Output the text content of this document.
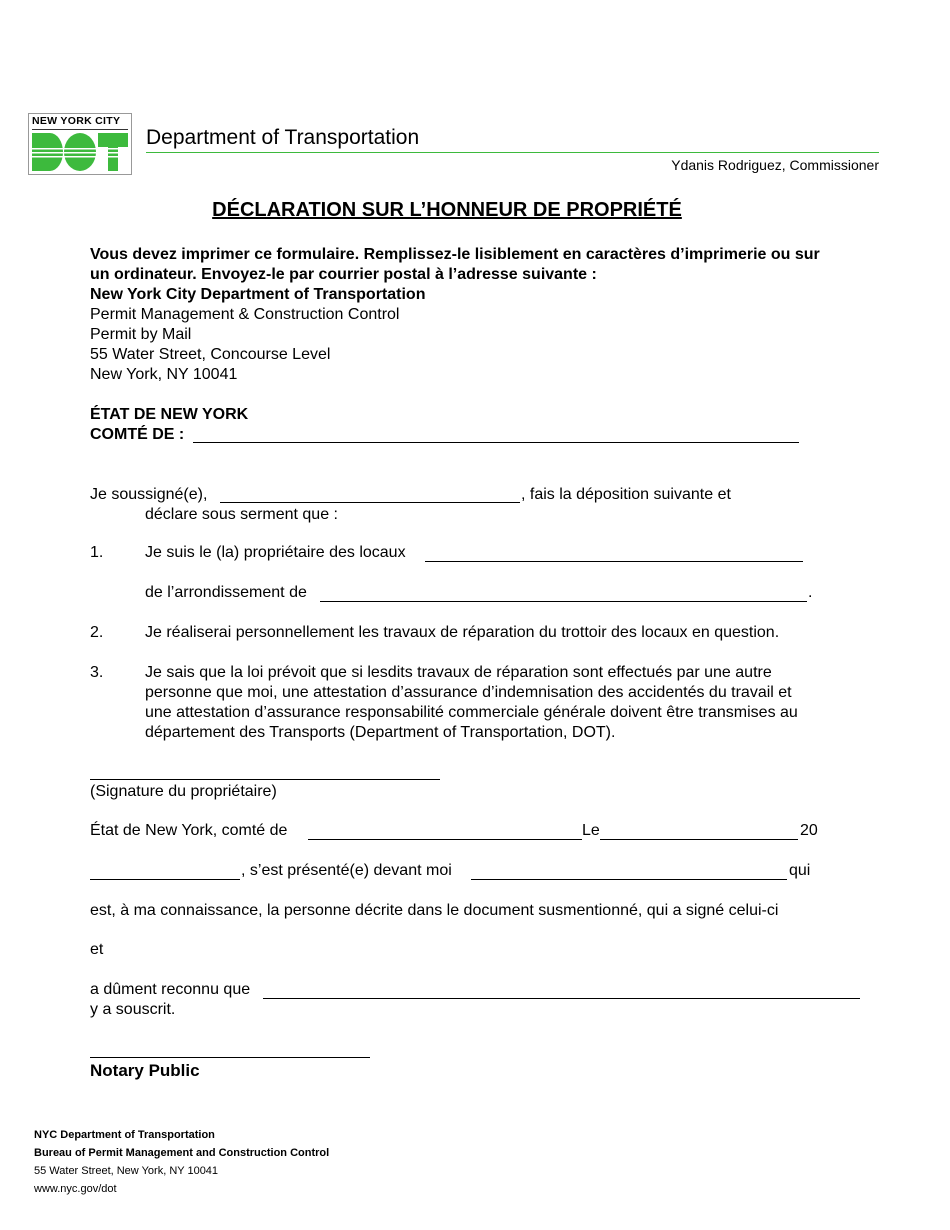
NEW YORK CITY
Department of Transportation
Ydanis Rodriguez, Commissioner
DÉCLARATION SUR L’HONNEUR DE PROPRIÉTÉ
Vous devez imprimer ce formulaire. Remplissez-le lisiblement en caractères d’imprimerie ou sur
un ordinateur. Envoyez-le par courrier postal à l’adresse suivante :
New York City Department of Transportation
Permit Management & Construction Control
Permit by Mail
55 Water Street, Concourse Level
New York, NY 10041
ÉTAT DE NEW YORK
COMTÉ DE :
Je soussigné(e),	, fais la déposition suivante et
déclare sous serment que :
1.	Je suis le (la) propriétaire des locaux
de l’arrondissement de	.
2.	Je réaliserai personnellement les travaux de réparation du trottoir des locaux en question.
3.	Je sais que la loi prévoit que si lesdits travaux de réparation sont effectués par une autre
personne que moi, une attestation d’assurance d’indemnisation des accidentés du travail et
une attestation d’assurance responsabilité commerciale générale doivent être transmises au
département des Transports (Department of Transportation, DOT).
(Signature du propriétaire)
État de New York, comté de	Le	20
, s’est présenté(e) devant moi	qui
est, à ma connaissance, la personne décrite dans le document susmentionné, qui a signé celui-ci
et
a dûment reconnu que
y a souscrit.
Notary Public
NYC Department of Transportation
Bureau of Permit Management and Construction Control
55 Water Street, New York, NY 10041
www.nyc.gov/dot
